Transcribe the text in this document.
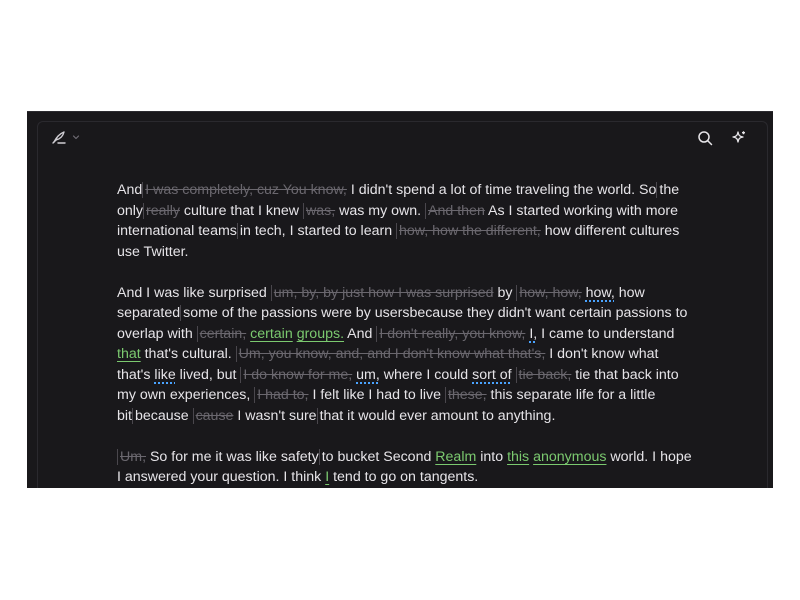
And I was completely, cuz You know, I didn't spend a lot of time traveling the world. So the only really culture that I knew was, was my own. And then As I started working with more international teams in tech, I started to learn how, how the different, how different cultures use Twitter.

And I was like surprised um, by, by just how I was surprised by how, how, how, how separated some of the passions were by usersbecause they didn't want certain passions to overlap with certain, certain groups. And I don't really, you know, I, I came to understand that that's cultural. Um, you know, and, and I don't know what that's, I don't know what that's like lived, but I do know for me, um, where I could sort of tie back, tie that back into my own experiences, I had to, I felt like I had to live these, this separate life for a little bit because cause I wasn't sure that it would ever amount to anything.

Um, So for me it was like safety to bucket Second Realm into this anonymous world. I hope I answered your question. I think I tend to go on tangents.
